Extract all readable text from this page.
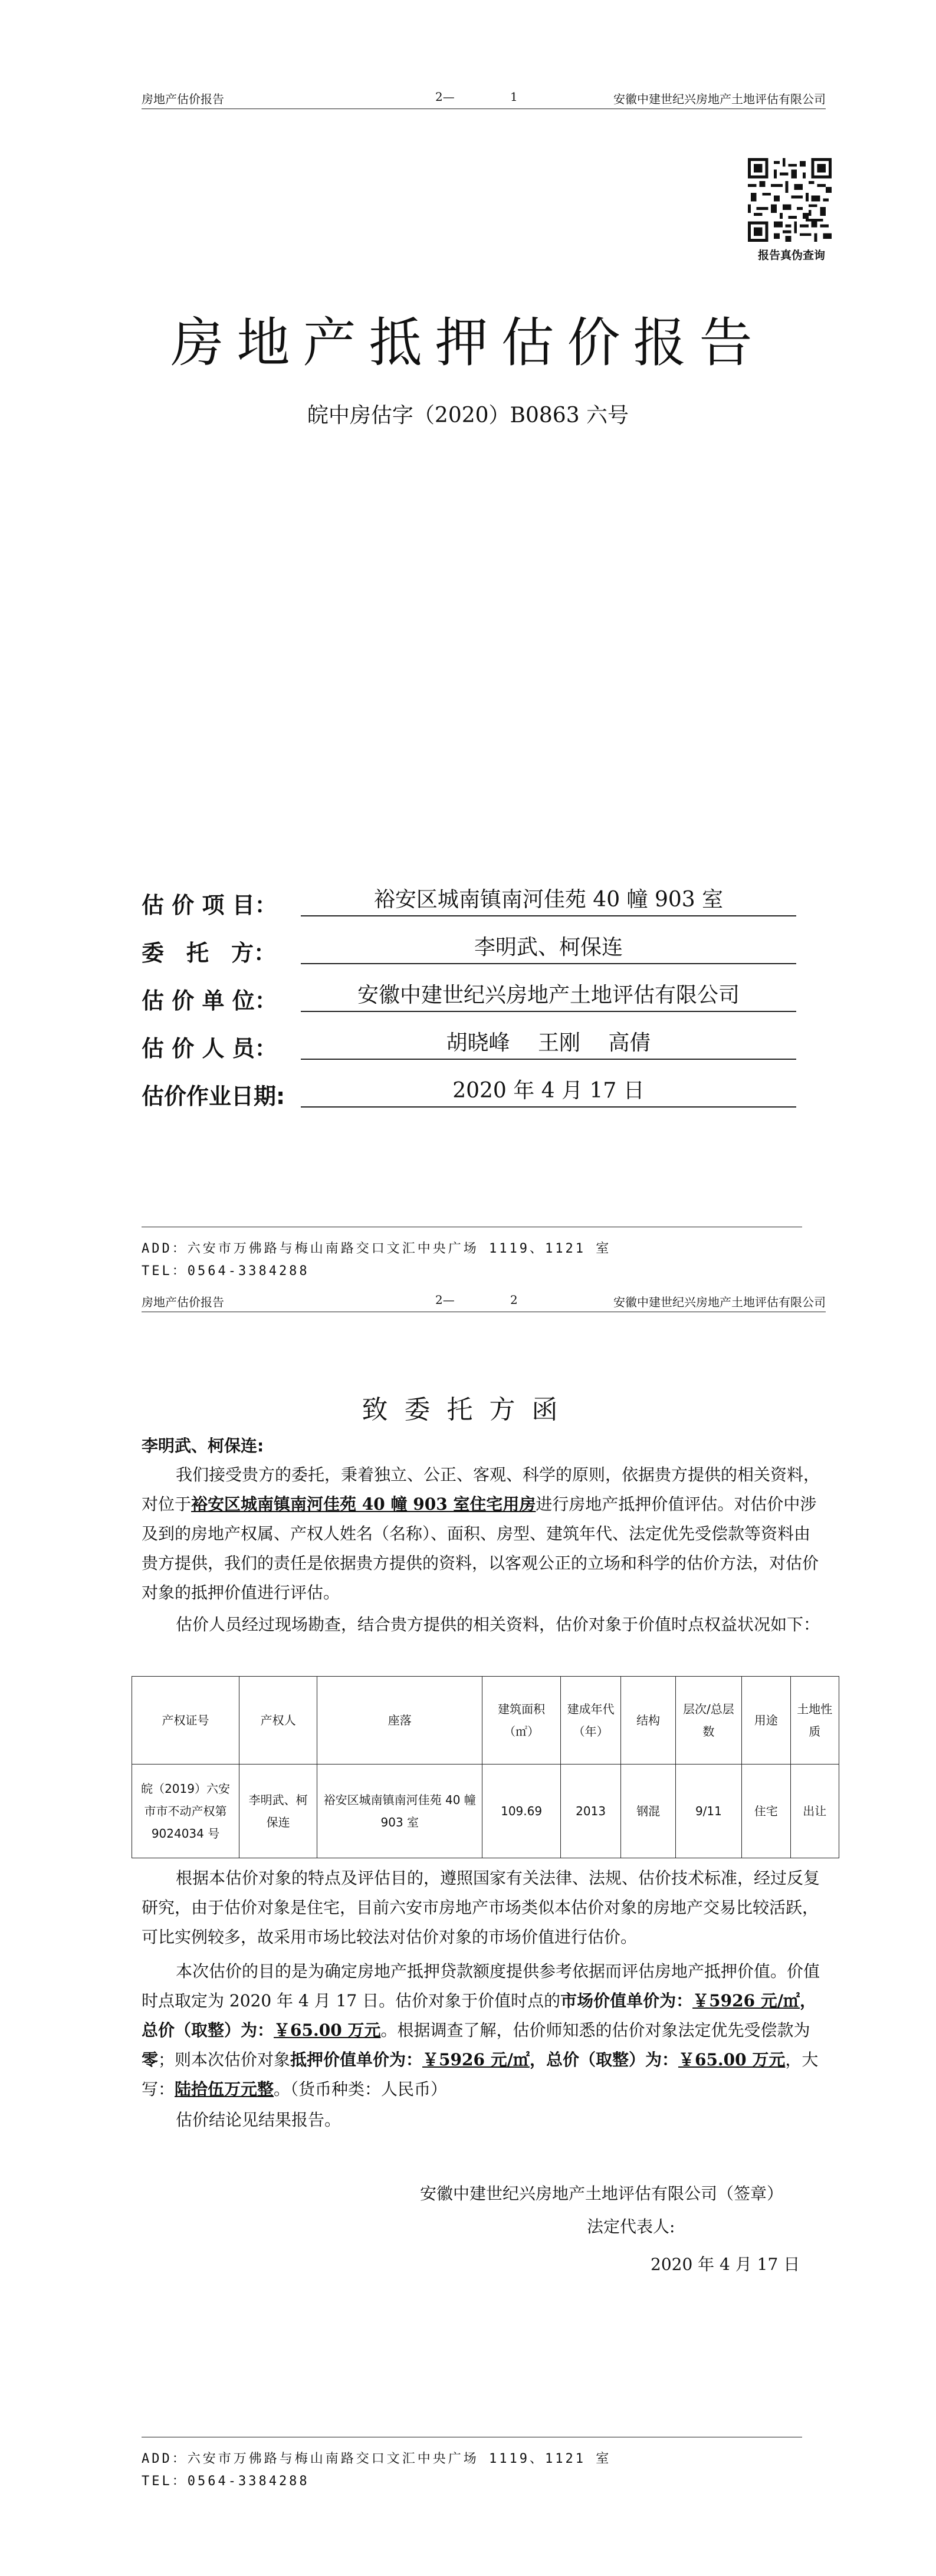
房地产估价报告	2—	1	安徽中建世纪兴房地产土地评估有限公司
报告真伪查询
房地产抵押估价报告
皖中房估字（2020）B0863 六号
估 价 项 目：	裕安区城南镇南河佳苑 40 幢 903 室
委　托　方：	李明武、柯保连
估 价 单 位：	安徽中建世纪兴房地产土地评估有限公司
估 价 人 员：	胡晓峰　 王刚　 高倩
估价作业日期:	2020 年 4 月 17 日
ADD：六安市万佛路与梅山南路交口文汇中央广场 1119、1121 室
TEL：0564-3384288
房地产估价报告	2—	2	安徽中建世纪兴房地产土地评估有限公司
致委托方函
李明武、柯保连:
我们接受贵方的委托，秉着独立、公正、客观、科学的原则，依据贵方提供的相关资料，对位于裕安区城南镇南河佳苑 40 幢 903 室住宅用房进行房地产抵押价值评估。对估价中涉及到的房地产权属、产权人姓名（名称）、面积、房型、建筑年代、法定优先受偿款等资料由贵方提供，我们的责任是依据贵方提供的资料，以客观公正的立场和科学的估价方法，对估价对象的抵押价值进行评估。
估价人员经过现场勘查，结合贵方提供的相关资料，估价对象于价值时点权益状况如下：
产权证号	产权人	座落	建筑面积（㎡）	建成年代（年）	结构	层次/总层数	用途	土地性质
皖（2019）六安市市不动产权第 9024034 号	李明武、柯保连	裕安区城南镇南河佳苑 40 幢 903 室	109.69	2013	钢混	9/11	住宅	出让
根据本估价对象的特点及评估目的，遵照国家有关法律、法规、估价技术标准，经过反复研究，由于估价对象是住宅，目前六安市房地产市场类似本估价对象的房地产交易比较活跃，可比实例较多，故采用市场比较法对估价对象的市场价值进行估价。
本次估价的目的是为确定房地产抵押贷款额度提供参考依据而评估房地产抵押价值。价值时点取定为 2020 年 4 月 17 日。估价对象于价值时点的市场价值单价为：￥5926 元/㎡，总价（取整）为：￥65.00 万元。根据调查了解，估价师知悉的估价对象法定优先受偿款为零；则本次估价对象抵押价值单价为：￥5926 元/㎡，总价（取整）为：￥65.00 万元，大写：陆拾伍万元整。（货币种类：人民币）
估价结论见结果报告。
安徽中建世纪兴房地产土地评估有限公司（签章）
法定代表人:
2020 年 4 月 17 日
ADD：六安市万佛路与梅山南路交口文汇中央广场 1119、1121 室
TEL：0564-3384288
